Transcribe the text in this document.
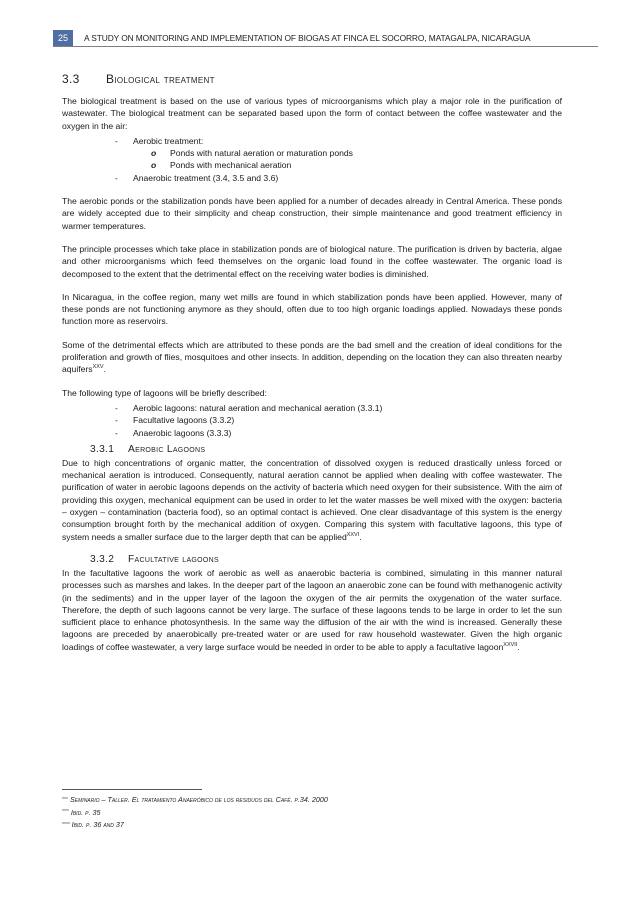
25	A STUDY ON MONITORING AND IMPLEMENTATION OF BIOGAS AT FINCA EL SOCORRO, MATAGALPA, NICARAGUA
3.3 Biological treatment

The biological treatment is based on the use of various types of microorganisms which play a major role in the purification of wastewater. The biological treatment can be separated based upon the form of contact between the coffee wastewater and the oxygen in the air:

- Aerobic treatment:
o Ponds with natural aeration or maturation ponds
o Ponds with mechanical aeration
- Anaerobic treatment (3.4, 3.5 and 3.6)

The aerobic ponds or the stabilization ponds have been applied for a number of decades already in Central America. These ponds are widely accepted due to their simplicity and cheap construction, their simple maintenance and good treatment efficiency in warmer temperatures.

The principle processes which take place in stabilization ponds are of biological nature. The purification is driven by bacteria, algae and other microorganisms which feed themselves on the organic load found in the coffee wastewater. The organic load is decomposed to the extent that the detrimental effect on the receiving water bodies is diminished.

In Nicaragua, in the coffee region, many wet mills are found in which stabilization ponds have been applied. However, many of these ponds are not functioning anymore as they should, often due to too high organic loadings applied. Nowadays these ponds function more as reservoirs.

Some of the detrimental effects which are attributed to these ponds are the bad smell and the creation of ideal conditions for the proliferation and growth of flies, mosquitoes and other insects. In addition, depending on the location they can also threaten nearby aquifers$^{XXV}$.

The following type of lagoons will be briefly described:

- Aerobic lagoons: natural aeration and mechanical aeration (3.3.1)
- Facultative lagoons (3.3.2)
- Anaerobic lagoons (3.3.3)
3.3.1 Aerobic Lagoons

Due to high concentrations of organic matter, the concentration of dissolved oxygen is reduced drastically unless forced or mechanical aeration is introduced. Consequently, natural aeration cannot be applied when dealing with coffee wastewater. The purification of water in aerobic lagoons depends on the activity of bacteria which need oxygen for their subsistence. With the aim of providing this oxygen, mechanical equipment can be used in order to let the water masses be well mixed with the oxygen: bacteria – oxygen – contamination (bacteria food), so an optimal contact is achieved. One clear disadvantage of this system is the energy consumption brought forth by the mechanical addition of oxygen. Comparing this system with facultative lagoons, this type of system needs a smaller surface due to the larger depth that can be applied$^{XXVI}$.

3.3.2 Facultative lagoons

In the facultative lagoons the work of aerobic as well as anaerobic bacteria is combined, simulating in this manner natural processes such as marshes and lakes. In the deeper part of the lagoon an anaerobic zone can be found with methanogenic activity (in the sediments) and in the upper layer of the lagoon the oxygen of the air permits the oxygenation of the water surface. Therefore, the depth of such lagoons cannot be very large. The surface of these lagoons tends to be large in order to let the sun sufficient place to enhance photosynthesis. In the same way the diffusion of the air with the wind is increased. Generally these lagoons are preceded by anaerobically pre-treated water or are used for raw household wastewater. Given the high organic loadings of coffee wastewater, a very large surface would be needed in order to be able to apply a facultative lagoon$^{XXVII}$.

$^{xxv}$ Seminario – Taller. El tratamiento Anaeróbico de los residuos del Café. p.34. 2000
$^{xxvi}$ Ibid. p. 35
$^{xxvii}$ Ibid. p. 36 and 37
